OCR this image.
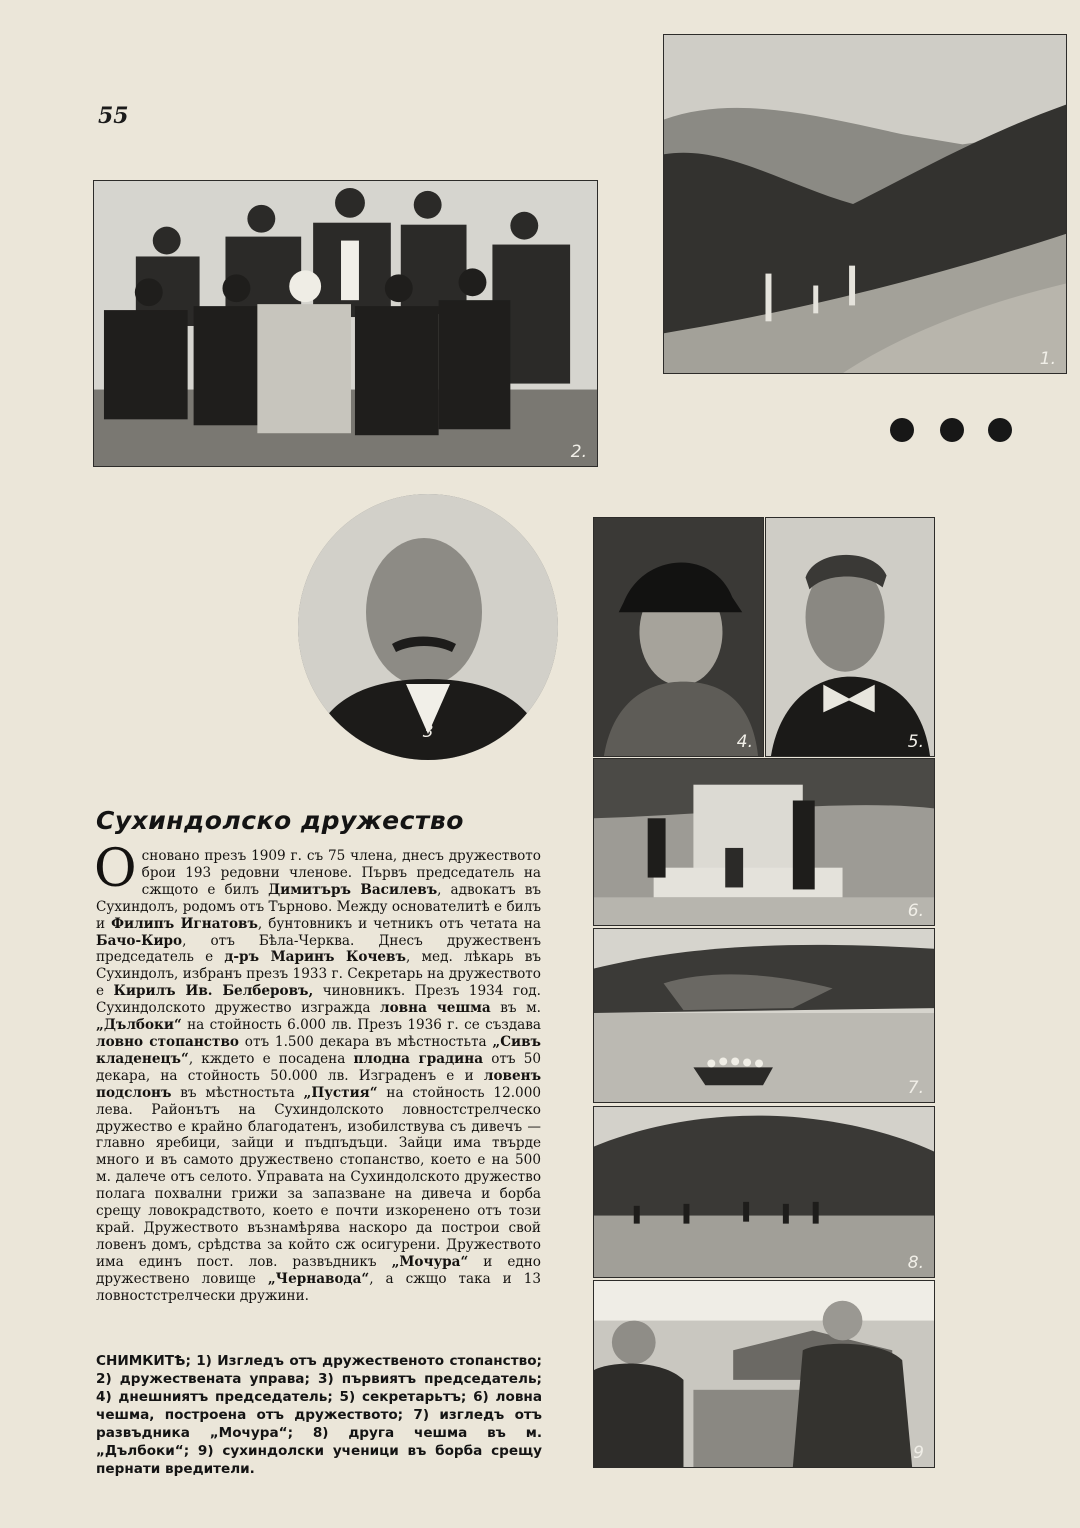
55
1.
2.
3	4.	5.
6.
7.
8.
9
Сухиндолско дружество
Основано презъ 1909 г. съ 75 члена, днесъ дружеството брои 193 редовни членове. Първъ председатель на сжщото е билъ Димитъръ Василевъ, адвокатъ въ Сухиндолъ, родомъ отъ Търново. Между основателитѣ е билъ и Филипъ Игнатовъ, бунтовникъ и четникъ отъ четата на Бачо-Киро, отъ Бѣла-Черква. Днесъ дружественъ председатель е д-ръ Маринъ Кочевъ, мед. лѣкарь въ Сухиндолъ, избранъ презъ 1933 г. Секретарь на дружеството е Кирилъ Ив. Белберовъ, чиновникъ. Презъ 1934 год. Сухиндолското дружество изгражда ловна чешма въ м. „Дълбоки“ на стойность 6.000 лв. Презъ 1936 г. се създава ловно стопанство отъ 1.500 декара въ мѣстностьта „Сивъ кладенецъ“, кждето е посадена плодна градина отъ 50 декара, на стойность 50.000 лв. Изграденъ е и ловенъ подслонъ въ мѣстностьта „Пустия“ на стойность 12.000 лева. Районътъ на Сухиндолското ловностстрелческо дружество е крайно благодатенъ, изобилствува съ дивечъ — главно яребици, зайци и пъдпъдъци. Зайци има твърде много и въ самото дружествено стопанство, което е на 500 м. далече отъ селото. Управата на Сухиндолското дружество полага похвални грижи за запазване на дивеча и борба срещу ловокрадството, което е почти изкоренено отъ този край. Дружеството възнамѣрява наскоро да построи свой ловенъ домъ, срѣдства за който сж осигурени. Дружеството има единъ пост. лов. развъдникъ „Мочура“ и едно дружествено ловище „Чернавода“, а сжщо така и 13 ловностстрелчески дружини.
СНИМКИТѢ; 1) Изгледъ отъ дружественото стопанство; 2) дружествената управа; 3) първиятъ председатель; 4) днешниятъ председатель; 5) секретарьтъ; 6) ловна чешма, построена отъ дружеството; 7) изгледъ отъ развъдника „Мочура“; 8) друга чешма въ м. „Дълбоки“; 9) сухиндолски ученици въ борба срещу пернати вредители.
